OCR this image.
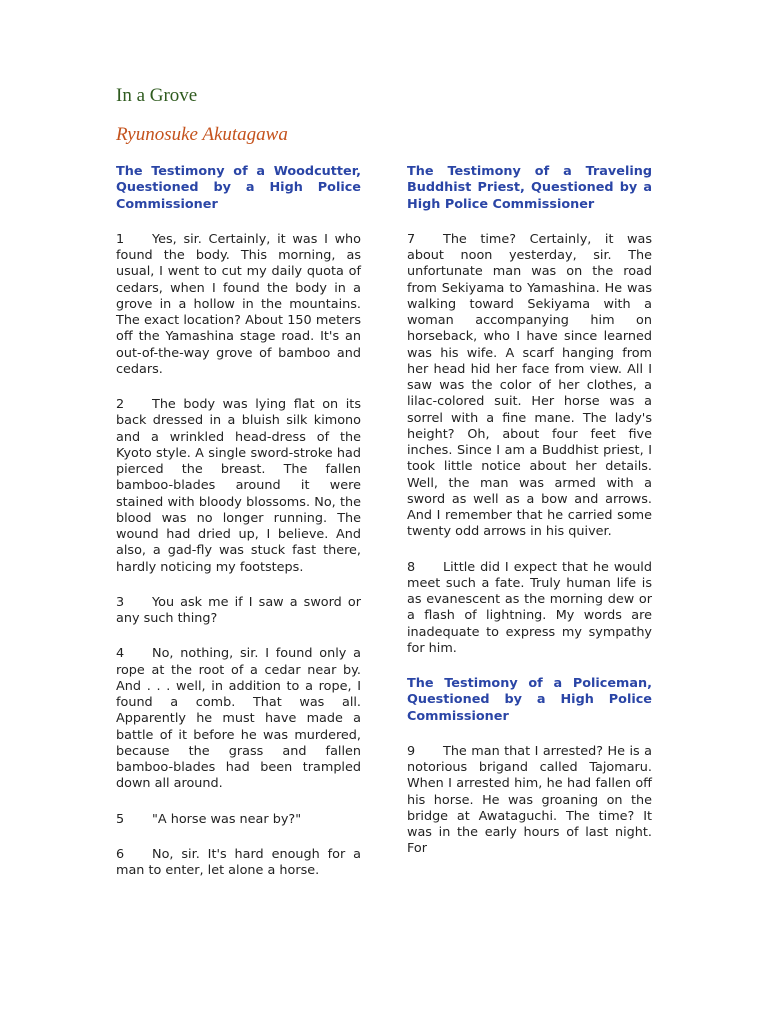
In a Grove
Ryunosuke Akutagawa

The Testimony of a Woodcutter, Questioned by a High Police Commissioner

1 Yes, sir. Certainly, it was I who found the body. This morning, as usual, I went to cut my daily quota of cedars, when I found the body in a grove in a hollow in the mountains. The exact location? About 150 meters off the Yamashina stage road. It's an out-of-the-way grove of bamboo and cedars.

2 The body was lying flat on its back dressed in a bluish silk kimono and a wrinkled head-dress of the Kyoto style. A single sword-stroke had pierced the breast. The fallen bamboo-blades around it were stained with bloody blossoms. No, the blood was no longer running. The wound had dried up, I believe. And also, a gad-fly was stuck fast there, hardly noticing my footsteps.

3 You ask me if I saw a sword or any such thing?

4 No, nothing, sir. I found only a rope at the root of a cedar near by. And . . . well, in addition to a rope, I found a comb. That was all. Apparently he must have made a battle of it before he was murdered, because the grass and fallen bamboo-blades had been trampled down all around.

5 "A horse was near by?"

6 No, sir. It's hard enough for a man to enter, let alone a horse.

The Testimony of a Traveling Buddhist Priest, Questioned by a High Police Commissioner

7 The time? Certainly, it was about noon yesterday, sir. The unfortunate man was on the road from Sekiyama to Yamashina. He was walking toward Sekiyama with a woman accompanying him on horseback, who I have since learned was his wife. A scarf hanging from her head hid her face from view. All I saw was the color of her clothes, a lilac-colored suit. Her horse was a sorrel with a fine mane. The lady's height? Oh, about four feet five inches. Since I am a Buddhist priest, I took little notice about her details. Well, the man was armed with a sword as well as a bow and arrows. And I remember that he carried some twenty odd arrows in his quiver.

8 Little did I expect that he would meet such a fate. Truly human life is as evanescent as the morning dew or a flash of lightning. My words are inadequate to express my sympathy for him.

The Testimony of a Policeman, Questioned by a High Police Commissioner

9 The man that I arrested? He is a notorious brigand called Tajomaru. When I arrested him, he had fallen off his horse. He was groaning on the bridge at Awataguchi. The time? It was in the early hours of last night. For
